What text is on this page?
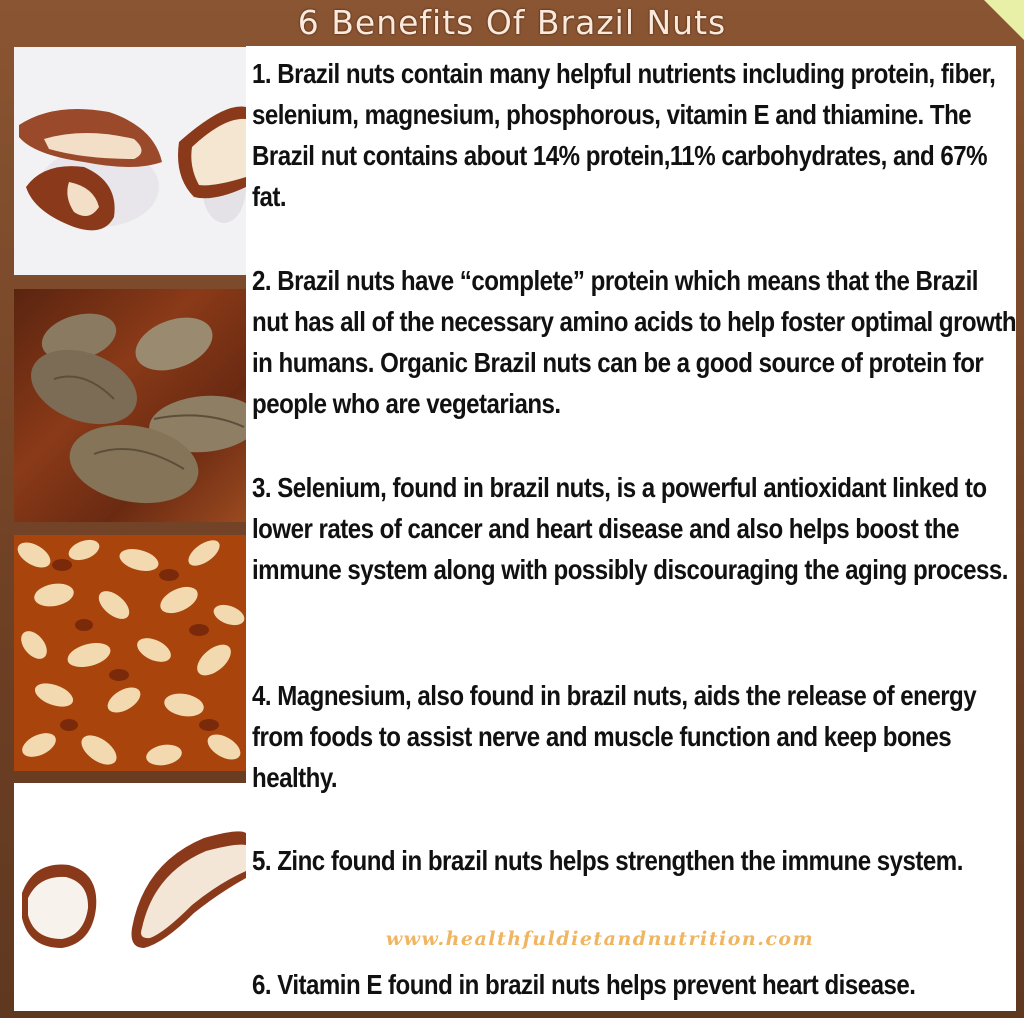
6 Benefits Of Brazil Nuts
1. Brazil nuts contain many helpful nutrients including protein, fiber, selenium, magnesium, phosphorous, vitamin E and thiamine. The Brazil nut contains about 14% protein,11% carbohydrates, and 67% fat.
2. Brazil nuts have “complete” protein which means that the Brazil nut has all of the necessary amino acids to help foster optimal growth in humans. Organic Brazil nuts can be a good source of protein for people who are vegetarians.
3. Selenium, found in brazil nuts, is a powerful antioxidant linked to lower rates of cancer and heart disease and also helps boost the immune system along with possibly discouraging the aging process.
4. Magnesium, also found in brazil nuts, aids the release of energy from foods to assist nerve and muscle function and keep bones healthy.
5. Zinc found in brazil nuts helps strengthen the immune system.
www.healthfuldietandnutrition.com
6. Vitamin E found in brazil nuts helps prevent heart disease.
